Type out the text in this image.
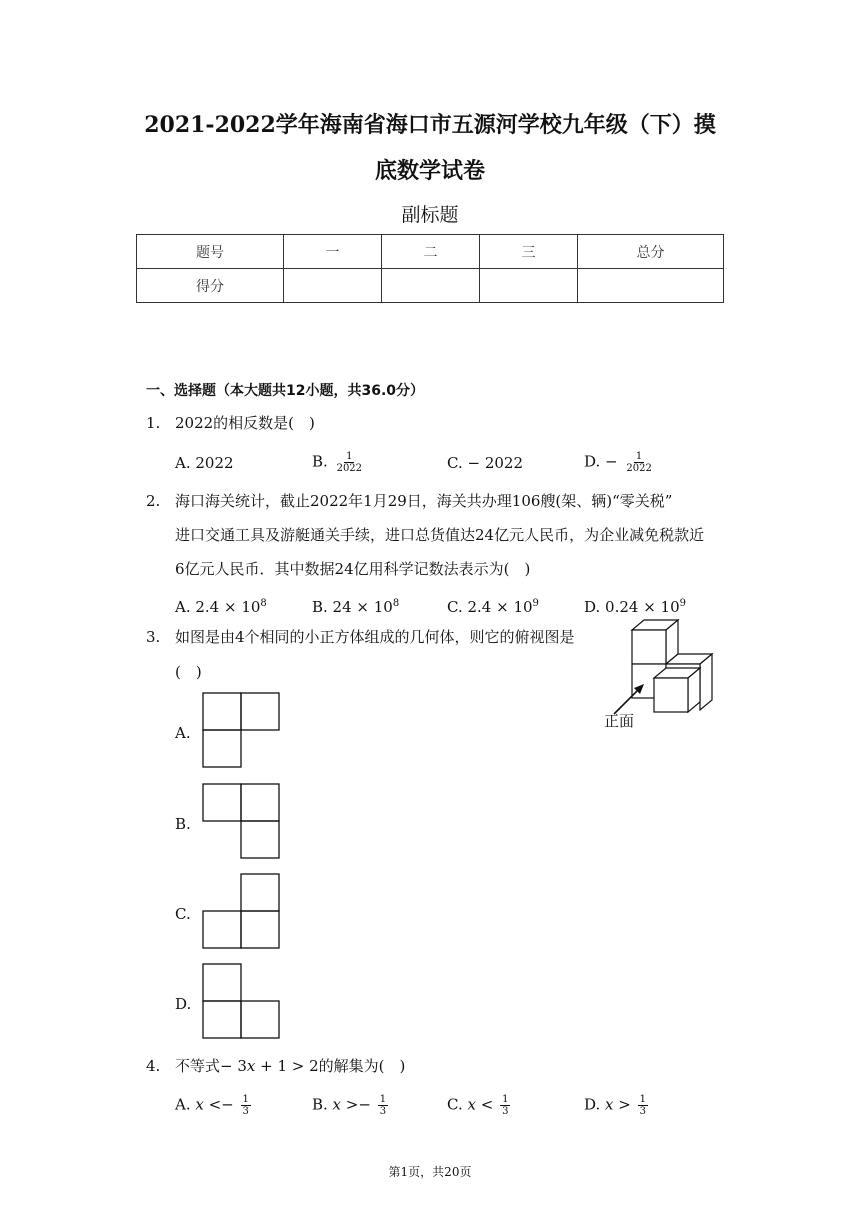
2021-2022学年海南省海口市五源河学校九年级（下）摸
底数学试卷
副标题
题号	一	二	三	总分
得分				
一、选择题（本大题共12小题，共36.0分）
1. 2022的相反数是(　)
A. 2022	B. $\frac{1}{2022}$	C. − 2022	D. − $\frac{1}{2022}$
2. 海口海关统计，截止2022年1月29日，海关共办理106艘(架、辆)“零关税”
进口交通工具及游艇通关手续，进口总货值达24亿元人民币，为企业减免税款近
6亿元人民币．其中数据24亿用科学记数法表示为(　)
A. $2.4 \times 10^8$	B. $24 \times 10^8$	C. $2.4 \times 10^9$	D. $0.24 \times 10^9$
3. 如图是由4个相同的小正方体组成的几何体，则它的俯视图是
(　)
正面
A.
B.
C.
D.
4. 不等式− 3𝑥 + 1 > 2的解集为(　)
A. 𝑥 <− $\frac{1}{3}$	B. 𝑥 >− $\frac{1}{3}$	C. 𝑥 < $\frac{1}{3}$	D. 𝑥 > $\frac{1}{3}$
第1页，共20页
